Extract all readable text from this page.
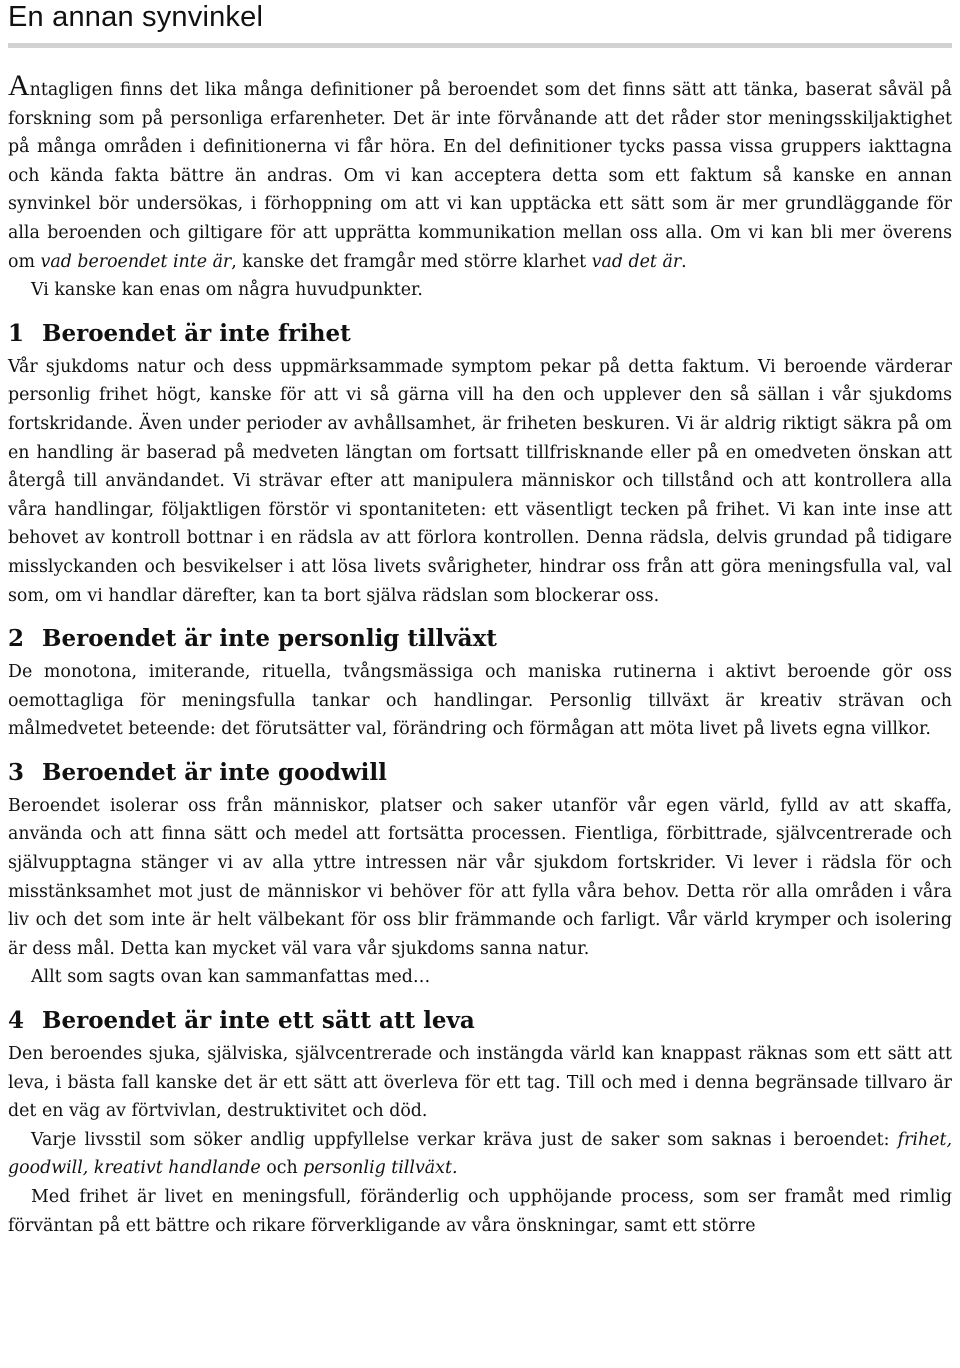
En annan synvinkel

Antagligen finns det lika många definitioner på beroendet som det finns sätt att tänka, baserat såväl på forskning som på personliga erfarenheter. Det är inte förvånande att det råder stor meningsskiljaktighet på många områden i definitionerna vi får höra. En del definitioner tycks passa vissa gruppers iakttagna och kända fakta bättre än andras. Om vi kan acceptera detta som ett faktum så kanske en annan synvinkel bör undersökas, i förhoppning om att vi kan upptäcka ett sätt som är mer grundläggande för alla beroenden och giltigare för att upprätta kommunikation mellan oss alla. Om vi kan bli mer överens om vad beroendet inte är, kanske det framgår med större klarhet vad det är.

Vi kanske kan enas om några huvudpunkter.

1 Beroendet är inte frihet

Vår sjukdoms natur och dess uppmärksammade symptom pekar på detta faktum. Vi beroende värderar personlig frihet högt, kanske för att vi så gärna vill ha den och upplever den så sällan i vår sjukdoms fortskridande. Även under perioder av avhållsamhet, är friheten beskuren. Vi är aldrig riktigt säkra på om en handling är baserad på medveten längtan om fortsatt tillfrisknande eller på en omedveten önskan att återgå till användandet. Vi strävar efter att manipulera människor och tillstånd och att kontrollera alla våra handlingar, följaktligen förstör vi spontaniteten: ett väsentligt tecken på frihet. Vi kan inte inse att behovet av kontroll bottnar i en rädsla av att förlora kontrollen. Denna rädsla, delvis grundad på tidigare misslyckanden och besvikelser i att lösa livets svårigheter, hindrar oss från att göra meningsfulla val, val som, om vi handlar därefter, kan ta bort själva rädslan som blockerar oss.

2 Beroendet är inte personlig tillväxt

De monotona, imiterande, rituella, tvångsmässiga och maniska rutinerna i aktivt beroende gör oss oemottagliga för meningsfulla tankar och handlingar. Personlig tillväxt är kreativ strävan och målmedvetet beteende: det förutsätter val, förändring och förmågan att möta livet på livets egna villkor.

3 Beroendet är inte goodwill

Beroendet isolerar oss från människor, platser och saker utanför vår egen värld, fylld av att skaffa, använda och att finna sätt och medel att fortsätta processen. Fientliga, förbittrade, självcentrerade och självupptagna stänger vi av alla yttre intressen när vår sjukdom fortskrider. Vi lever i rädsla för och misstänksamhet mot just de människor vi behöver för att fylla våra behov. Detta rör alla områden i våra liv och det som inte är helt välbekant för oss blir främmande och farligt. Vår värld krymper och isolering är dess mål. Detta kan mycket väl vara vår sjukdoms sanna natur.

Allt som sagts ovan kan sammanfattas med…

4 Beroendet är inte ett sätt att leva

Den beroendes sjuka, själviska, självcentrerade och instängda värld kan knappast räknas som ett sätt att leva, i bästa fall kanske det är ett sätt att överleva för ett tag. Till och med i denna begränsade tillvaro är det en väg av förtvivlan, destruktivitet och död.

Varje livsstil som söker andlig uppfyllelse verkar kräva just de saker som saknas i beroendet: frihet, goodwill, kreativt handlande och personlig tillväxt.

Med frihet är livet en meningsfull, föränderlig och upphöjande process, som ser framåt med rimlig förväntan på ett bättre och rikare förverkligande av våra önskningar, samt ett större
